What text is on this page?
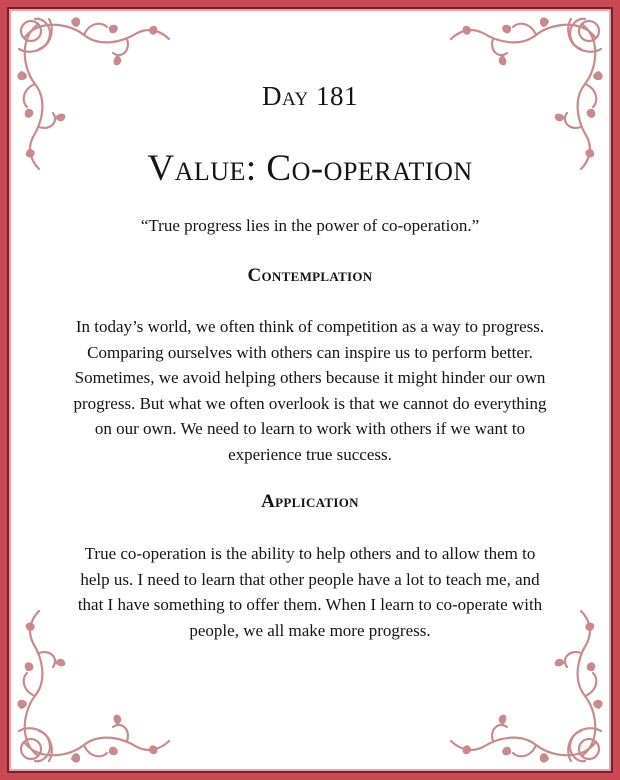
Day 181
Value: Co-operation
“True progress lies in the power of co-operation.”
Contemplation
In today’s world, we often think of competition as a way to progress. Comparing ourselves with others can inspire us to perform better. Sometimes, we avoid helping others because it might hinder our own progress. But what we often overlook is that we cannot do everything on our own. We need to learn to work with others if we want to experience true success.
Application
True co-operation is the ability to help others and to allow them to help us. I need to learn that other people have a lot to teach me, and that I have something to offer them. When I learn to co-operate with people, we all make more progress.
